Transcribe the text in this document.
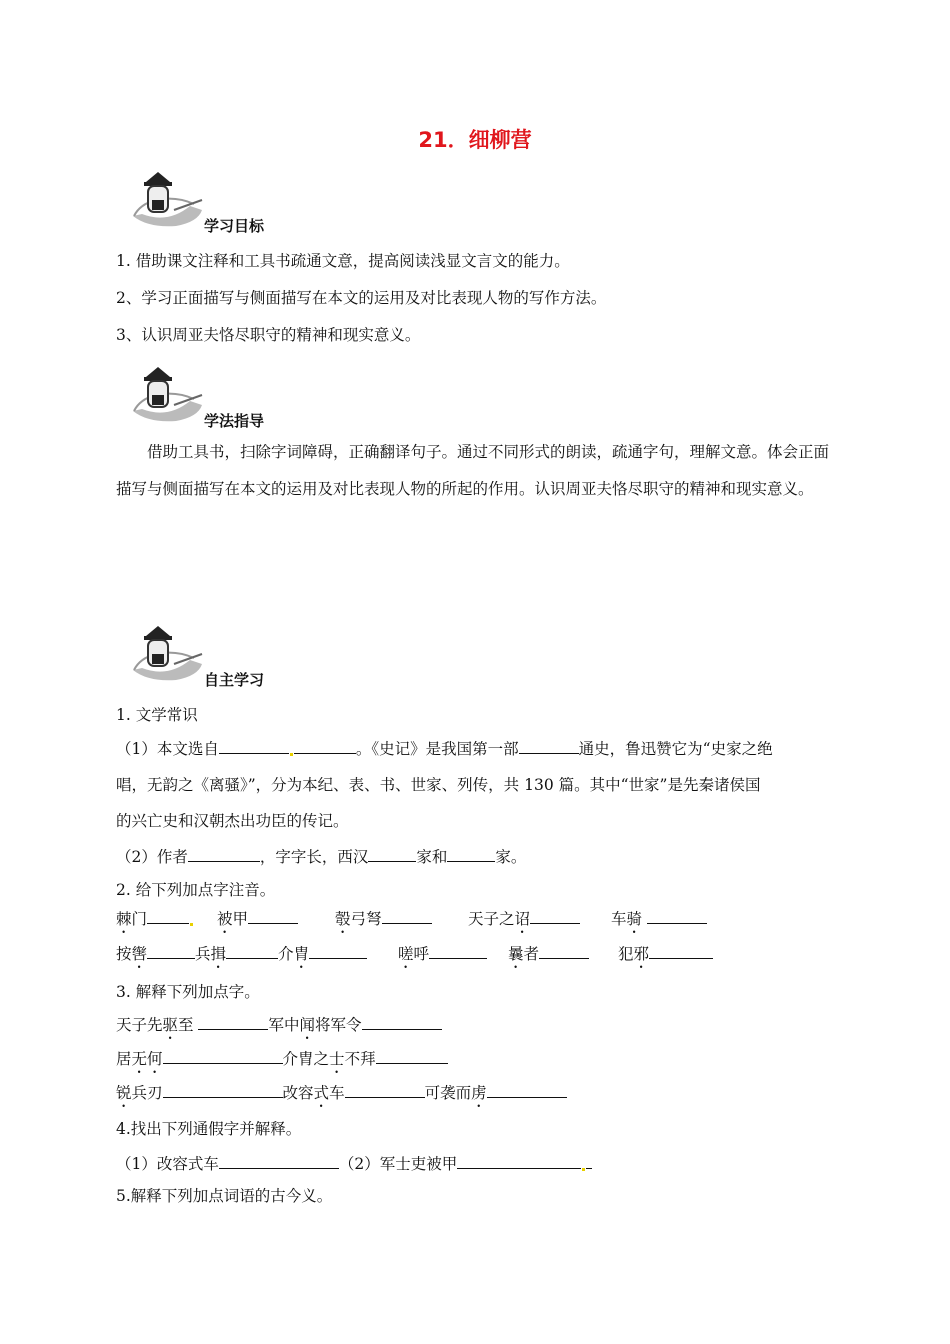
21．细柳营
学习目标
1. 借助课文注释和工具书疏通文意，提高阅读浅显文言文的能力。
2、学习正面描写与侧面描写在本文的运用及对比表现人物的写作方法。
3、认识周亚夫恪尽职守的精神和现实意义。
学法指导
借助工具书，扫除字词障碍，正确翻译句子。通过不同形式的朗读，疏通字句，理解文意。体会正面描写与侧面描写在本文的运用及对比表现人物的所起的作用。认识周亚夫恪尽职守的精神和现实意义。
自主学习
1. 文学常识
（1）本文选自	。《史记》是我国第一部	通史，鲁迅赞它为“史家之绝
唱，无韵之《离骚》”，分为本纪、表、书、世家、列传，共 130 篇。其中“世家”是先秦诸侯国
的兴亡史和汉朝杰出功臣的传记。
（2）作者	，字字长，西汉	家和	家。
2. 给下列加点字注音。
棘门	被甲	彀弓弩	天子之诏	车骑
按辔	兵揖	介胄	嗟呼	曩者	犯邪
3. 解释下列加点字。
天子先驱至	军中闻将军令
居无何	介胄之士不拜
锐兵刃	改容式车	可袭而虏
4.找出下列通假字并解释。
（1）改容式车	（2）军士吏被甲
5.解释下列加点词语的古今义。
